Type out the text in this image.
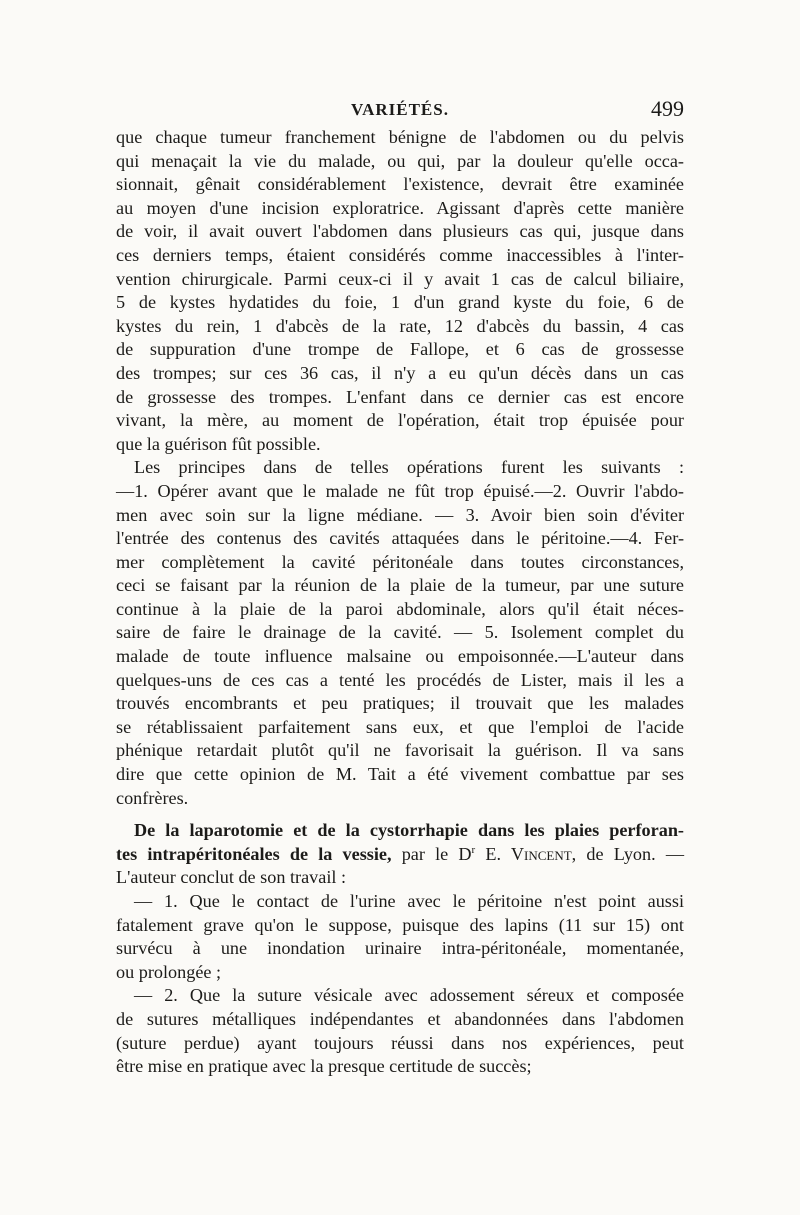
VARIÉTÉS.	499
que chaque tumeur franchement bénigne de l'abdomen ou du pelvis
qui menaçait la vie du malade, ou qui, par la douleur qu'elle occa-
sionnait, gênait considérablement l'existence, devrait être examinée
au moyen d'une incision exploratrice. Agissant d'après cette manière
de voir, il avait ouvert l'abdomen dans plusieurs cas qui, jusque dans
ces derniers temps, étaient considérés comme inaccessibles à l'inter-
vention chirurgicale. Parmi ceux-ci il y avait 1 cas de calcul biliaire,
5 de kystes hydatides du foie, 1 d'un grand kyste du foie, 6 de
kystes du rein, 1 d'abcès de la rate, 12 d'abcès du bassin, 4 cas
de suppuration d'une trompe de Fallope, et 6 cas de grossesse
des trompes; sur ces 36 cas, il n'y a eu qu'un décès dans un cas
de grossesse des trompes. L'enfant dans ce dernier cas est encore
vivant, la mère, au moment de l'opération, était trop épuisée pour
que la guérison fût possible.
Les principes dans de telles opérations furent les suivants :
—1. Opérer avant que le malade ne fût trop épuisé.—2. Ouvrir l'abdo-
men avec soin sur la ligne médiane. — 3. Avoir bien soin d'éviter
l'entrée des contenus des cavités attaquées dans le péritoine.—4. Fer-
mer complètement la cavité péritonéale dans toutes circonstances,
ceci se faisant par la réunion de la plaie de la tumeur, par une suture
continue à la plaie de la paroi abdominale, alors qu'il était néces-
saire de faire le drainage de la cavité. — 5. Isolement complet du
malade de toute influence malsaine ou empoisonnée.—L'auteur dans
quelques-uns de ces cas a tenté les procédés de Lister, mais il les a
trouvés encombrants et peu pratiques; il trouvait que les malades
se rétablissaient parfaitement sans eux, et que l'emploi de l'acide
phénique retardait plutôt qu'il ne favorisait la guérison. Il va sans
dire que cette opinion de M. Tait a été vivement combattue par ses
confrères.
De la laparotomie et de la cystorrhapie dans les plaies perforan-
tes intrapéritonéales de la vessie, par le $D^r$ E. Vincent, de Lyon. —
L'auteur conclut de son travail :
— 1. Que le contact de l'urine avec le péritoine n'est point aussi
fatalement grave qu'on le suppose, puisque des lapins (11 sur 15) ont
survécu à une inondation urinaire intra-péritonéale, momentanée,
ou prolongée ;
— 2. Que la suture vésicale avec adossement séreux et composée
de sutures métalliques indépendantes et abandonnées dans l'abdomen
(suture perdue) ayant toujours réussi dans nos expériences, peut
être mise en pratique avec la presque certitude de succès;
